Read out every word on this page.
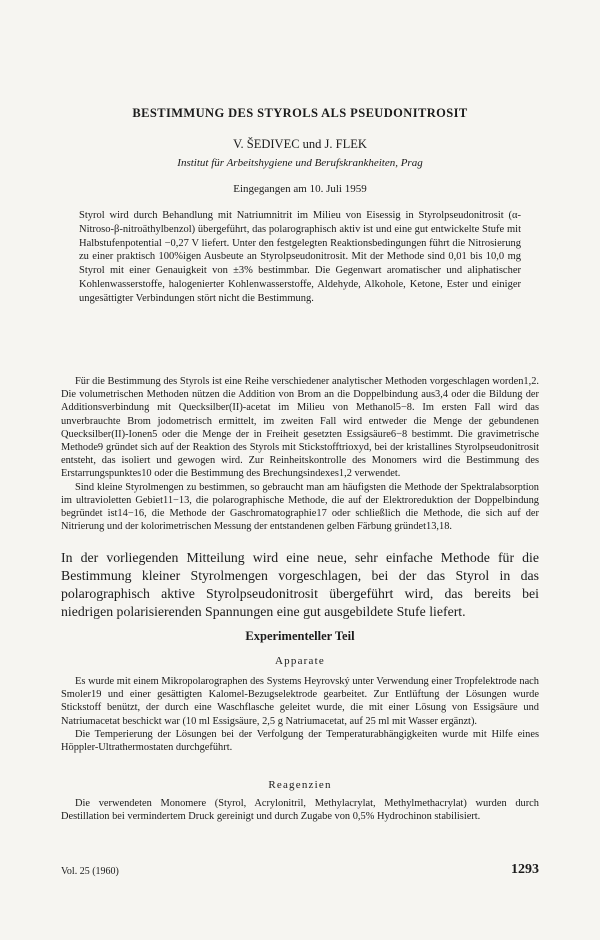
BESTIMMUNG DES STYROLS ALS PSEUDONITROSIT
V. ŠEDIVEC und J. FLEK
Institut für Arbeitshygiene und Berufskrankheiten, Prag
Eingegangen am 10. Juli 1959
Styrol wird durch Behandlung mit Natriumnitrit im Milieu von Eisessig in Styrolpseudonitrosit (α-Nitroso-β-nitroäthylbenzol) übergeführt, das polarographisch aktiv ist und eine gut entwickelte Stufe mit Halbstufenpotential −0,27 V liefert. Unter den festgelegten Reaktionsbedingungen führt die Nitrosierung zu einer praktisch 100%igen Ausbeute an Styrolpseudonitrosit. Mit der Methode sind 0,01 bis 10,0 mg Styrol mit einer Genauigkeit von ±3% bestimmbar. Die Gegenwart aromatischer und aliphatischer Kohlenwasserstoffe, halogenierter Kohlenwasserstoffe, Aldehyde, Alkohole, Ketone, Ester und einiger ungesättigter Verbindungen stört nicht die Bestimmung.

Für die Bestimmung des Styrols ist eine Reihe verschiedener analytischer Methoden vorgeschlagen worden1,2. Die volumetrischen Methoden nützen die Addition von Brom an die Doppelbindung aus3,4 oder die Bildung der Additionsverbindung mit Quecksilber(II)-acetat im Milieu von Methanol5−8. Im ersten Fall wird das unverbrauchte Brom jodometrisch ermittelt, im zweiten Fall wird entweder die Menge der gebundenen Quecksilber(II)-Ionen5 oder die Menge der in Freiheit gesetzten Essigsäure6−8 bestimmt. Die gravimetrische Methode9 gründet sich auf der Reaktion des Styrols mit Stickstofftrioxyd, bei der kristallines Styrolpseudonitrosit entsteht, das isoliert und gewogen wird. Zur Reinheitskontrolle des Monomers wird die Bestimmung des Erstarrungspunktes10 oder die Bestimmung des Brechungsindexes1,2 verwendet.

Sind kleine Styrolmengen zu bestimmen, so gebraucht man am häufigsten die Methode der Spektralabsorption im ultravioletten Gebiet11−13, die polarographische Methode, die auf der Elektroreduktion der Doppelbindung begründet ist14−16, die Methode der Gaschromatographie17 oder schließlich die Methode, die sich auf der Nitrierung und der kolorimetrischen Messung der entstandenen gelben Färbung gründet13,18.

In der vorliegenden Mitteilung wird eine neue, sehr einfache Methode für die Bestimmung kleiner Styrolmengen vorgeschlagen, bei der das Styrol in das polarographisch aktive Styrolpseudonitrosit übergeführt wird, das bereits bei niedrigen polarisierenden Spannungen eine gut ausgebildete Stufe liefert.
Experimenteller Teil
Apparate

Es wurde mit einem Mikropolarographen des Systems Heyrovský unter Verwendung einer Tropfelektrode nach Smoler19 und einer gesättigten Kalomel-Bezugselektrode gearbeitet. Zur Entlüftung der Lösungen wurde Stickstoff benützt, der durch eine Waschflasche geleitet wurde, die mit einer Lösung von Essigsäure und Natriumacetat beschickt war (10 ml Essigsäure, 2,5 g Natriumacetat, auf 25 ml mit Wasser ergänzt).

Die Temperierung der Lösungen bei der Verfolgung der Temperaturabhängigkeiten wurde mit Hilfe eines Höppler-Ultrathermostaten durchgeführt.

Reagenzien

Die verwendeten Monomere (Styrol, Acrylonitril, Methylacrylat, Methylmethacrylat) wurden durch Destillation bei vermindertem Druck gereinigt und durch Zugabe von 0,5% Hydrochinon stabilisiert.

Vol. 25 (1960)	1293
